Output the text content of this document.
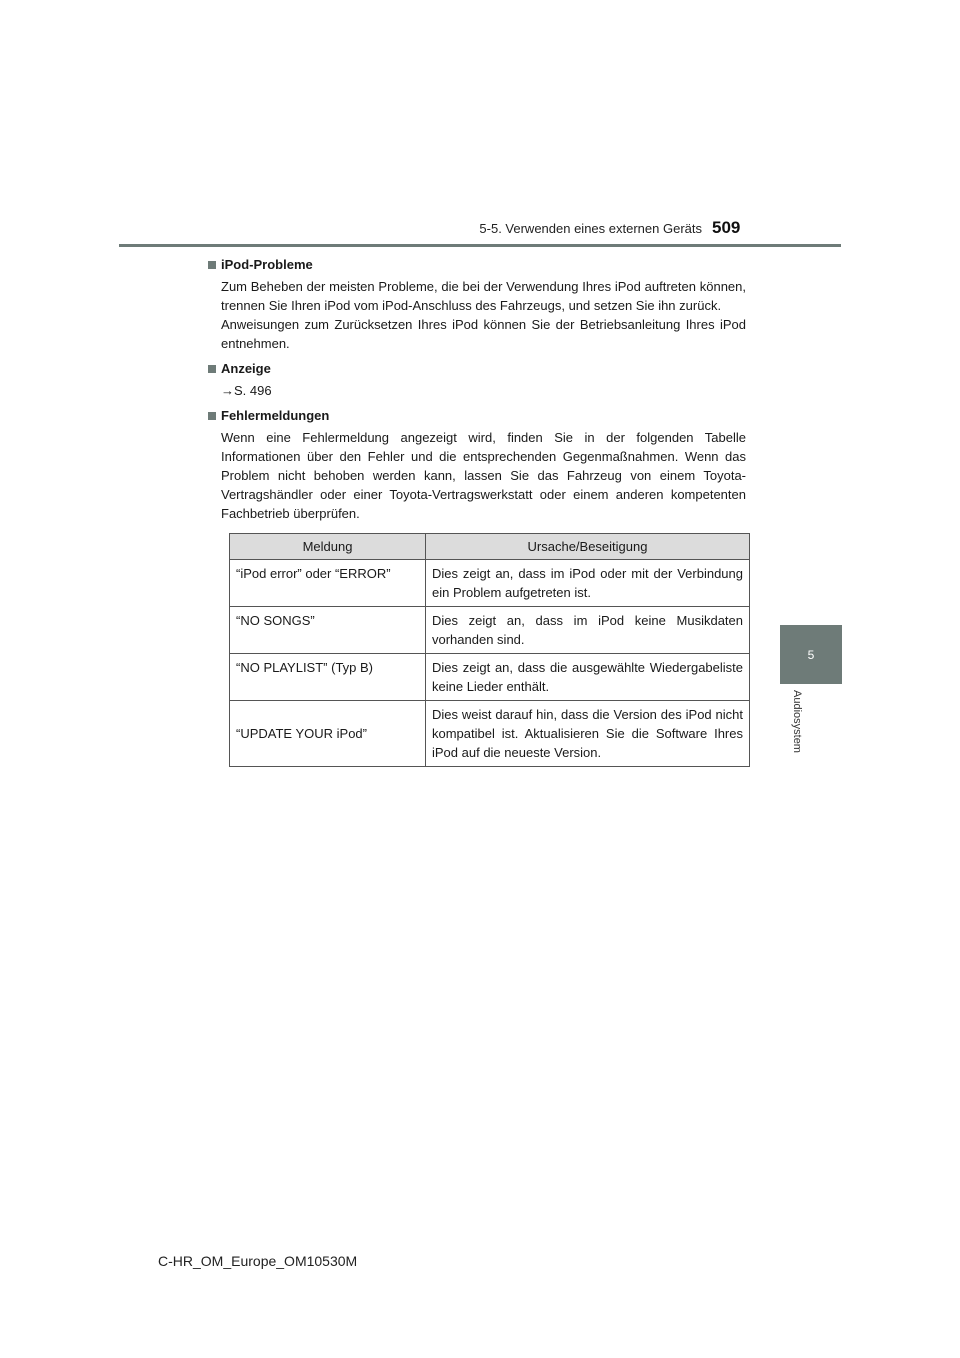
5-5. Verwenden eines externen Geräts 509
5
Audiosystem
iPod-Probleme

Zum Beheben der meisten Probleme, die bei der Verwendung Ihres iPod auftreten können, trennen Sie Ihren iPod vom iPod-Anschluss des Fahrzeugs, und setzen Sie ihn zurück.

Anweisungen zum Zurücksetzen Ihres iPod können Sie der Betriebsanleitung Ihres iPod entnehmen.

Anzeige
→S. 496
Fehlermeldungen

Wenn eine Fehlermeldung angezeigt wird, finden Sie in der folgenden Tabelle Informationen über den Fehler und die entsprechenden Gegenmaßnahmen. Wenn das Problem nicht behoben werden kann, lassen Sie das Fahrzeug von einem Toyota-Vertragshändler oder einer Toyota-Vertragswerkstatt oder einem anderen kompetenten Fachbetrieb überprüfen.

Meldung	Ursache/Beseitigung
“iPod error” oder “ERROR”	Dies zeigt an, dass im iPod oder mit der Verbindung ein Problem aufgetreten ist.
“NO SONGS”	Dies zeigt an, dass im iPod keine Musikdaten vorhanden sind.
“NO PLAYLIST” (Typ B)	Dies zeigt an, dass die ausgewählte Wiedergabeliste keine Lieder enthält.
“UPDATE YOUR iPod”	Dies weist darauf hin, dass die Version des iPod nicht kompatibel ist. Aktualisieren Sie die Software Ihres iPod auf die neueste Version.
C-HR_OM_Europe_OM10530M
